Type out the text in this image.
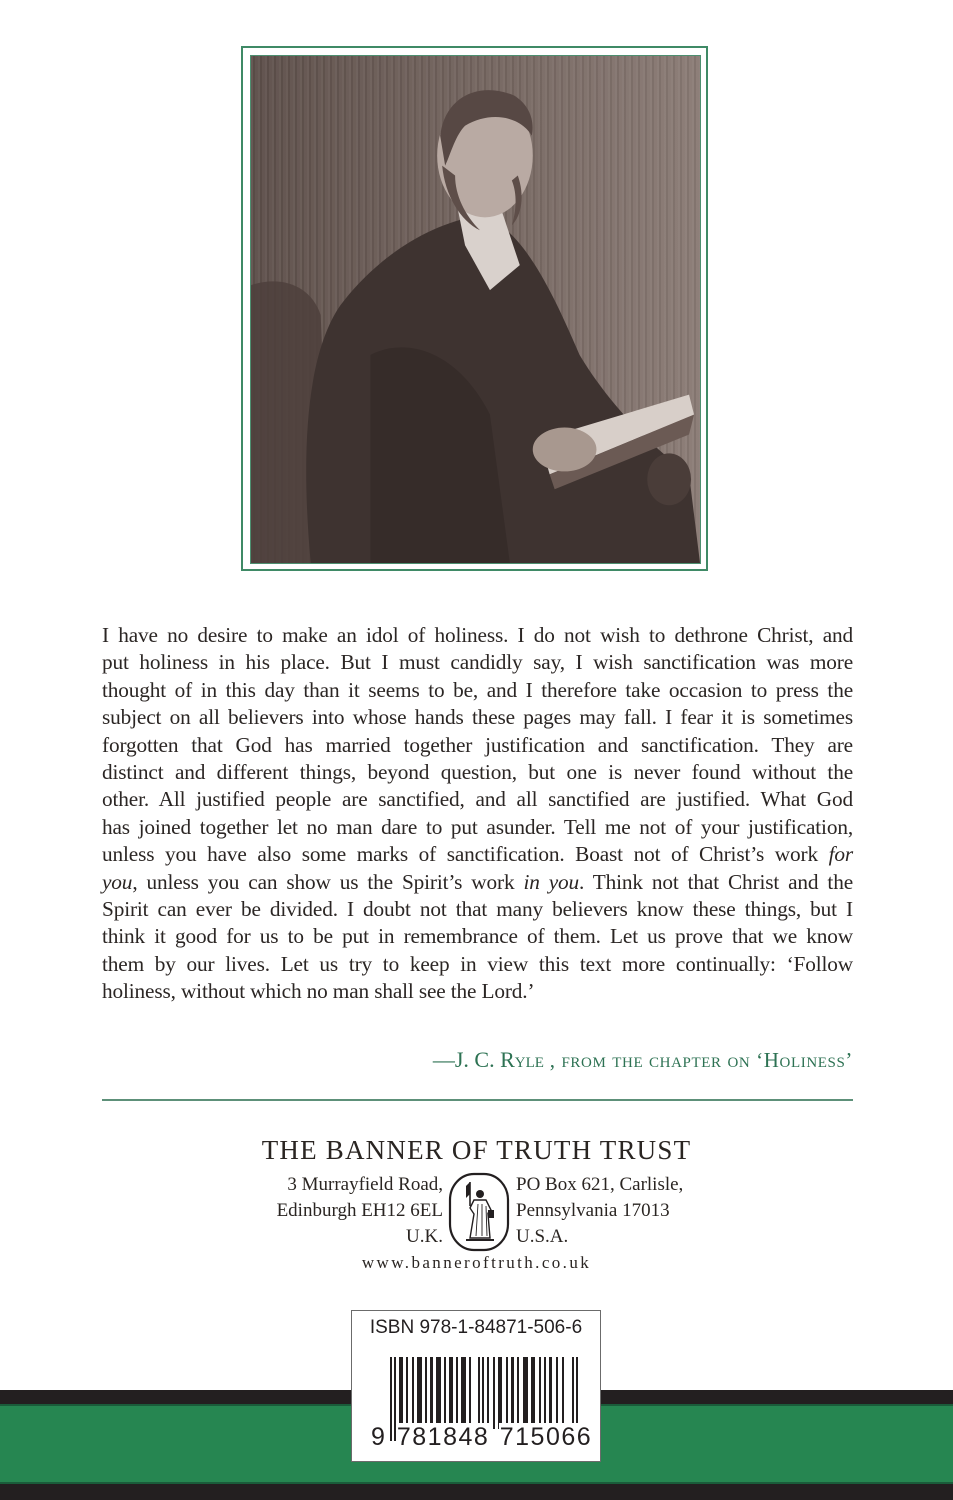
I have no desire to make an idol of holiness. I do not wish to dethrone Christ, and
put holiness in his place. But I must candidly say, I wish sanctification was more
thought of in this day than it seems to be, and I therefore take occasion to press the
subject on all believers into whose hands these pages may fall. I fear it is sometimes
forgotten that God has married together justification and sanctification. They are
distinct and different things, beyond question, but one is never found without the
other. All justified people are sanctified, and all sanctified are justified. What God
has joined together let no man dare to put asunder. Tell me not of your justification,
unless you have also some marks of sanctification. Boast not of Christ’s work for
you, unless you can show us the Spirit’s work in you. Think not that Christ and the
Spirit can ever be divided. I doubt not that many believers know these things, but I
think it good for us to be put in remembrance of them. Let us prove that we know
them by our lives. Let us try to keep in view this text more continually: ‘Follow
holiness, without which no man shall see the Lord.’
—J. C. Ryle , from the chapter on ‘Holiness’
THE BANNER OF TRUTH TRUST
3 Murrayfield Road,
Edinburgh EH12 6EL
U.K.
PO Box 621, Carlisle,
Pennsylvania 17013
U.S.A.
www.banneroftruth.co.uk
ISBN 978-1-84871-506-6
9 781848 715066
